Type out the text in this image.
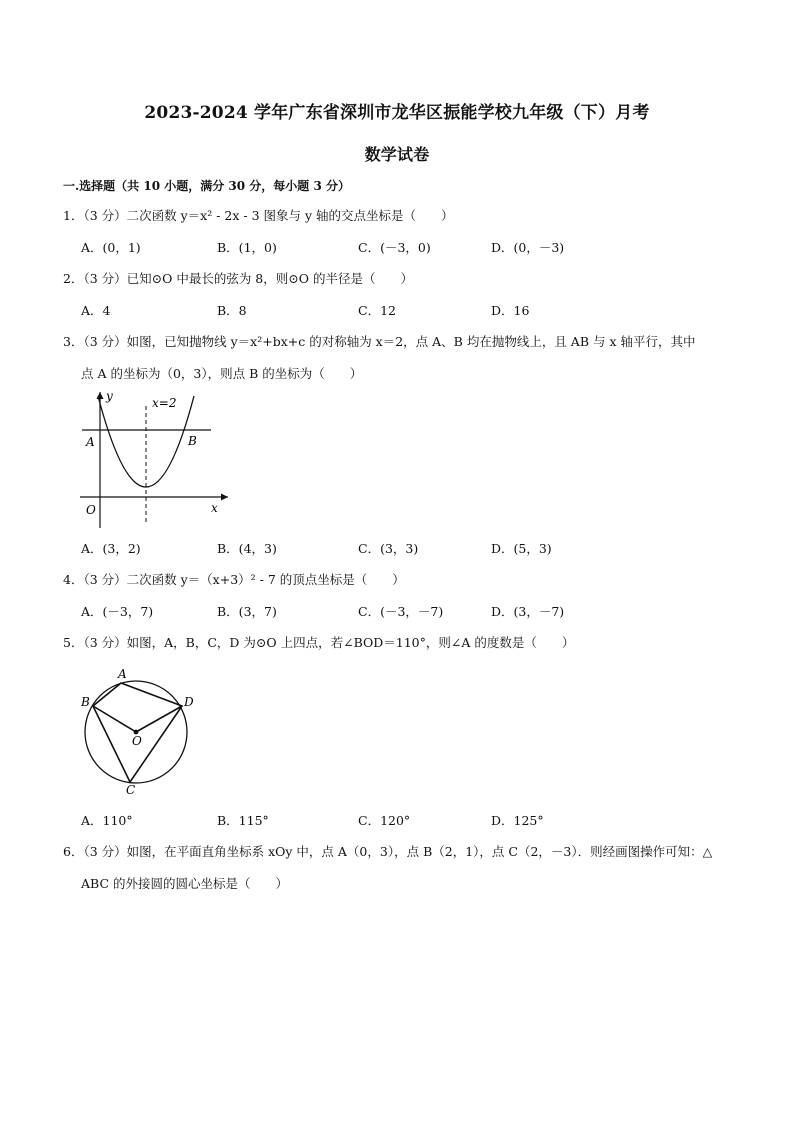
2023-2024 学年广东省深圳市龙华区振能学校九年级（下）月考
数学试卷
一.选择题（共 10 小题，满分 30 分，每小题 3 分）
1．（3 分）二次函数 y＝x² - 2x - 3 图象与 y 轴的交点坐标是（　　）
A．(0，1)	B．(1，0)	C．(－3，0)	D．(0，－3)
2．（3 分）已知⊙O 中最长的弦为 8，则⊙O 的半径是（　　）
A．4	B．8	C．12	D．16
3．（3 分）如图，已知抛物线 y＝x²+bx+c 的对称轴为 x＝2，点 A、B 均在抛物线上，且 AB 与 x 轴平行，其中
点 A 的坐标为（0，3），则点 B 的坐标为（　　）
y	x=2
A	B
O	x
A．(3，2)	B．(4，3)	C．(3，3)	D．(5，3)
4．（3 分）二次函数 y＝（x+3）² - 7 的顶点坐标是（　　）
A．(－3，7)	B．(3，7)	C．(－3，－7)	D．(3，－7)
5．（3 分）如图，A，B，C，D 为⊙O 上四点，若∠BOD＝110°，则∠A 的度数是（　　）
A
B	D
O
C
A．110°	B．115°	C．120°	D．125°
6．（3 分）如图，在平面直角坐标系 xOy 中，点 A（0，3），点 B（2，1），点 C（2，－3）．则经画图操作可知：△
ABC 的外接圆的圆心坐标是（　　）
